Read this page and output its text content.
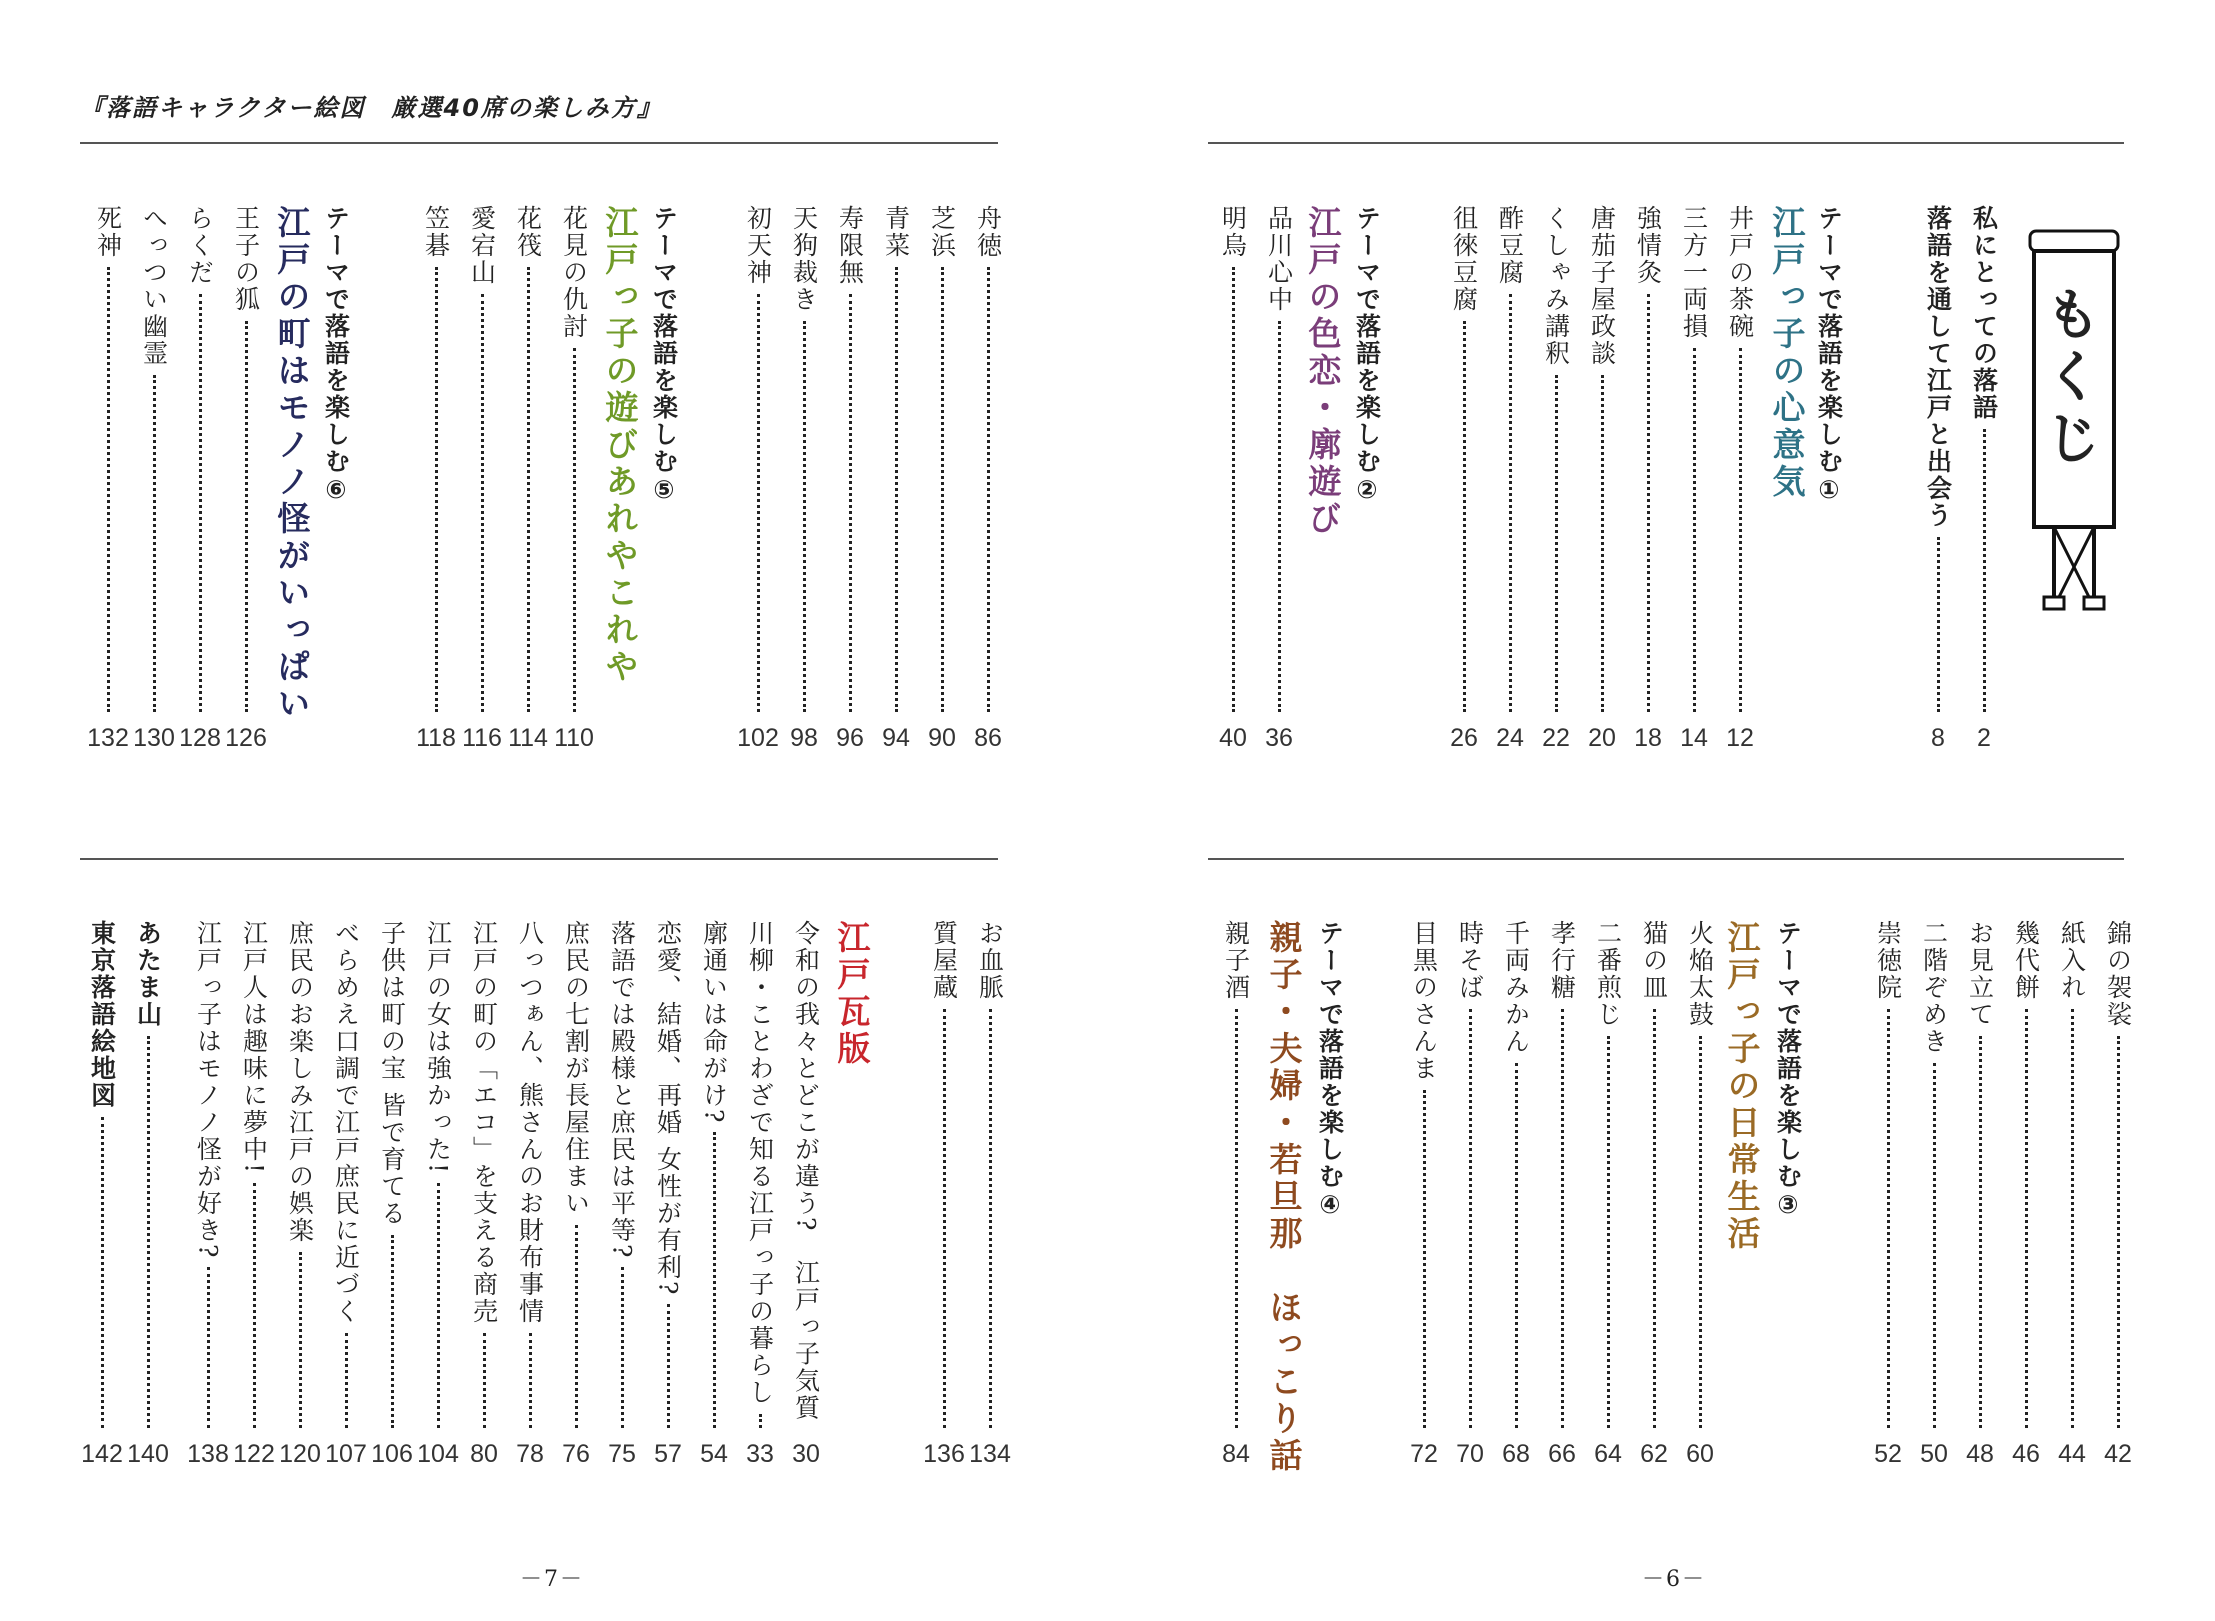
『落語キャラクター絵図　厳選40席の楽しみ方』
もくじ
2
私にとっての落語
8
落語を通して江戸と出会う
テーマで落語を楽しむ①
江戸っ子の心意気
12
井戸の茶碗
14
三方一両損
18
強情灸
20
唐茄子屋政談
22
くしゃみ講釈
24
酢豆腐
26
徂徠豆腐
テーマで落語を楽しむ②
江戸の色恋・廓遊び
36
品川心中
40
明烏
86
舟徳
90
芝浜
94
青菜
96
寿限無
98
天狗裁き
102
初天神
テーマで落語を楽しむ⑤
江戸っ子の遊びあれやこれや
110
花見の仇討
114
花筏
116
愛宕山
118
笠碁
テーマで落語を楽しむ⑥
江戸の町はモノノ怪がいっぱい
126
王子の狐
128
らくだ
130
へっつい幽霊
132
死神
42
錦の袈裟
44
紙入れ
46
幾代餅
48
お見立て
50
二階ぞめき
52
崇徳院
テーマで落語を楽しむ③
江戸っ子の日常生活
60
火焔太鼓
62
猫の皿
64
二番煎じ
66
孝行糖
68
千両みかん
70
時そば
72
目黒のさんま
テーマで落語を楽しむ④
親子・夫婦・若旦那　ほっこり話
84
親子酒
134
お血脈
136
質屋蔵
江戸瓦版
30
令和の我々とどこが違う?　江戸っ子気質
33
川柳・ことわざで知る江戸っ子の暮らし
54
廓通いは命がけ?
57
恋愛、結婚、再婚 女性が有利?
75
落語では殿様と庶民は平等?
76
庶民の七割が長屋住まい
78
八っつぁん、熊さんのお財布事情
80
江戸の町の「エコ」を支える商売
104
江戸の女は強かった!
106
子供は町の宝 皆で育てる
107
べらめえ口調で江戸庶民に近づく
120
庶民のお楽しみ江戸の娯楽
122
江戸人は趣味に夢中!
138
江戸っ子はモノノ怪が好き?
140
あたま山
142
東京落語絵地図
－7－	－6－
